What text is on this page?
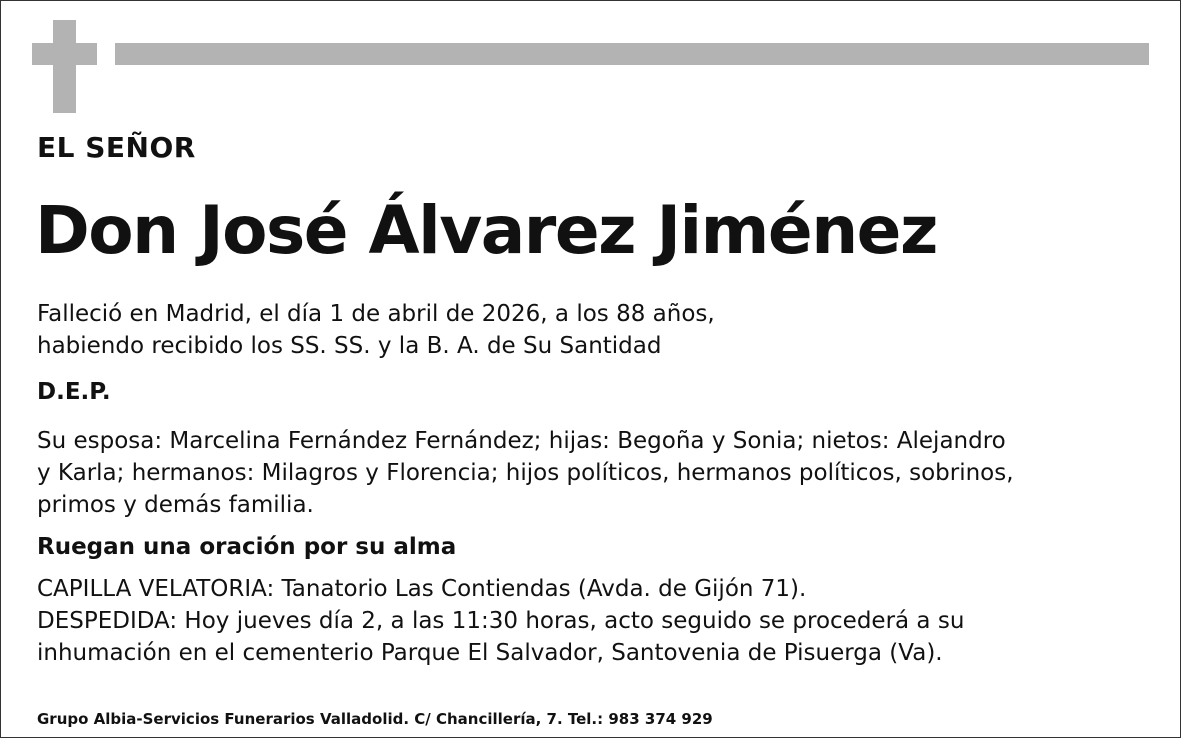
EL SEÑOR
Don José Álvarez Jiménez
Falleció en Madrid, el día 1 de abril de 2026, a los 88 años,
habiendo recibido los SS. SS. y la B. A. de Su Santidad
D.E.P.
Su esposa: Marcelina Fernández Fernández; hijas: Begoña y Sonia; nietos: Alejandro
y Karla; hermanos: Milagros y Florencia; hijos políticos, hermanos políticos, sobrinos,
primos y demás familia.
Ruegan una oración por su alma
CAPILLA VELATORIA: Tanatorio Las Contiendas (Avda. de Gijón 71).
DESPEDIDA: Hoy jueves día 2, a las 11:30 horas, acto seguido se procederá a su
inhumación en el cementerio Parque El Salvador, Santovenia de Pisuerga (Va).
Grupo Albia-Servicios Funerarios Valladolid. C/ Chancillería, 7. Tel.: 983 374 929
